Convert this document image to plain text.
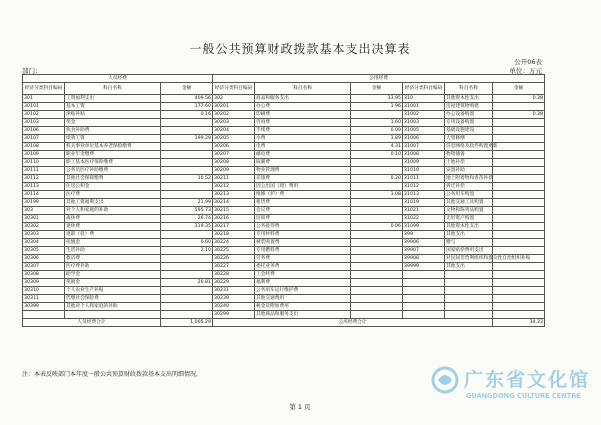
一般公共预算财政拨款基本支出决算表
公开06表
部门：	单位：万元
人员经费			公用经费					
经济分类科目编码	科目名称	金额	经济分类科目编码	科目名称	金额	经济分类科目编码	科目名称	金额
301	工资福利支出	409.56	302	商品和服务支出	33.95	310	其他资本性支出	0.28
30101	基本工资	177.60	30201	办公费	1.96	31001	房屋建筑物购建	
30102	津贴补贴	0.16	30202	印刷费		31002	办公设备购置	0.28
30103	奖金		30203	咨询费	1.60	31003	专用设备购置	
30106	伙食补助费		30204	手续费	0.09	31005	基础设施建设	
30107	绩效工资	199.29	30205	水费	1.89	31006	大型修缮	
30108	机关事业单位基本养老保险缴费		30206	电费	4.31	31007	信息网络及软件购置更新	
30109	职业年金缴费		30207	邮电费	0.10	31008	物资储备	
30110	职工基本医疗保险缴费		30208	取暖费		31009	土地补偿	
30111	公务员医疗补助缴费		30209	物业管理费		31010	安置补助	
30112	其他社会保障缴费	10.52	30211	差旅费	0.20	31011	地上附着物和青苗补偿	
30113	住房公积金		30212	因公出国（境）费用		31012	拆迁补偿	
30114	医疗费		30213	维修（护）费	1.08	31013	公务用车购置	
30199	其他工资福利支出	21.99	30214	租赁费		31019	其他交通工具购置	
303	对个人和家庭的补助	595.73	30215	会议费		31021	文物和陈列品购置	
30301	离休费	26.74	30216	培训费		31022	无形资产购置	
30302	退休费	319.35	30217	公务接待费	0.06	31099	其他资本性支出	
30303	退职（役）费		30218	专用材料费		399	其他支出	
30304	抚恤金	0.60	30224	被装购置费		39906	赠与	
30305	生活补助	2.10	30225	专用燃料费		39907	国家赔偿费用支出	
30306	救济费		30226	劳务费		39908	对民间非营利组织和群众性自治组织补贴	
30307	医疗费补助		30227	委托业务费		39999	其他支出	
30308	助学金		30228	工会经费				
30309	奖励金	26.81	30229	福利费				
30310	个人农业生产补贴		30231	公务用车运行维护费				
30311	代缴社会保险费		30239	其他交通费用				
30399	其他对个人和家庭的补助		30240	税金及附加费用				
			30299	其他商品和服务支出				
人员经费合计		1,005.29	公用经费合计					34.23
注：本表反映部门本年度一般公共预算财政拨款基本支出明细情况。
第 1 页
广东省文化馆
GUANGDONG CULTURE CENTRE
